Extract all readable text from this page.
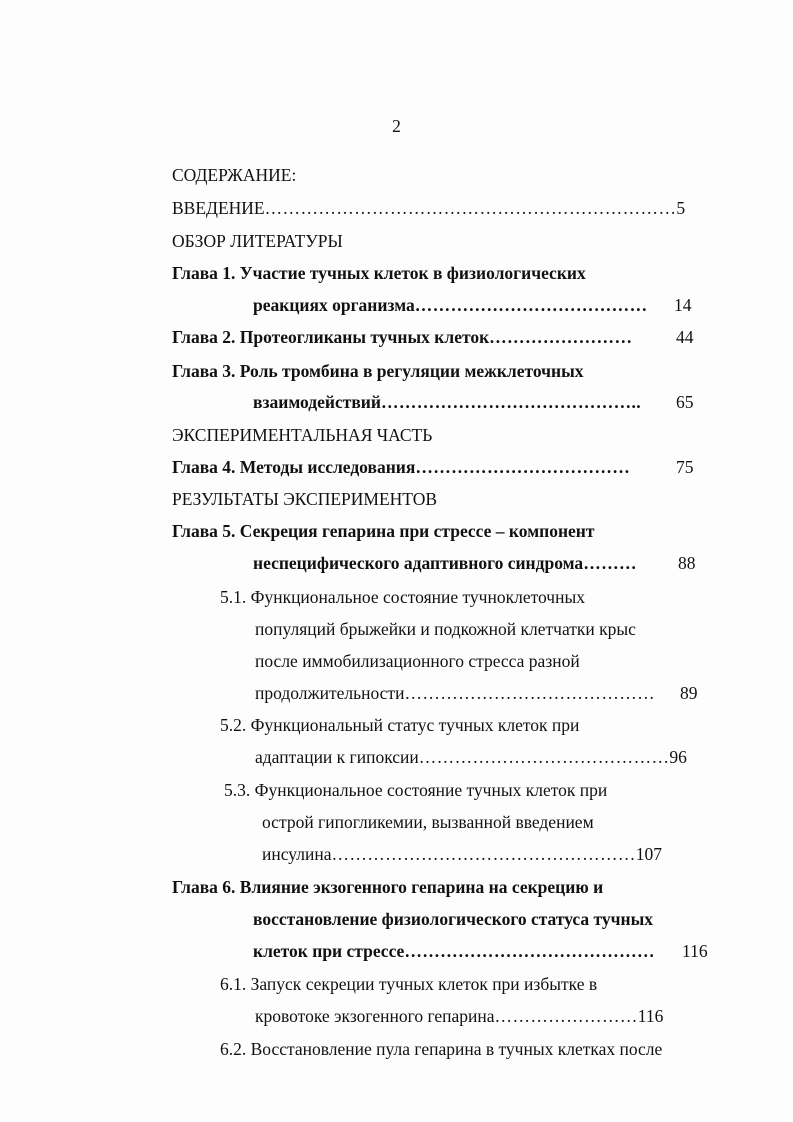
2
СОДЕРЖАНИЕ:
ВВЕДЕНИЕ……………………………………………………………5
ОБЗОР ЛИТЕРАТУРЫ
Глава 1. Участие тучных клеток в физиологических
реакциях организма………………………………… 14
Глава 2. Протеогликаны тучных клеток…………………… 44
Глава 3. Роль тромбина в регуляции межклеточных
взаимодействий…………………………………….. 65
ЭКСПЕРИМЕНТАЛЬНАЯ ЧАСТЬ
Глава 4. Методы исследования………………………………	75
РЕЗУЛЬТАТЫ ЭКСПЕРИМЕНТОВ
Глава 5. Секреция гепарина при стрессе – компонент
неспецифического адаптивного синдрома……… 88
5.1. Функциональное состояние тучноклеточных
популяций брыжейки и подкожной клетчатки крыс
после иммобилизационного стресса разной
продолжительности…………………………………… 89
5.2. Функциональный статус тучных клеток при
адаптации к гипоксии……………………………………96
5.3. Функциональное состояние тучных клеток при
острой гипогликемии, вызванной введением
инсулина……………………………………………107
Глава 6. Влияние экзогенного гепарина на секрецию и
восстановление физиологического статуса тучных
клеток при стрессе…………………………………… 116
6.1. Запуск секреции тучных клеток при избытке в
кровотоке экзогенного гепарина……………………116
6.2. Восстановление пула гепарина в тучных клетках после
